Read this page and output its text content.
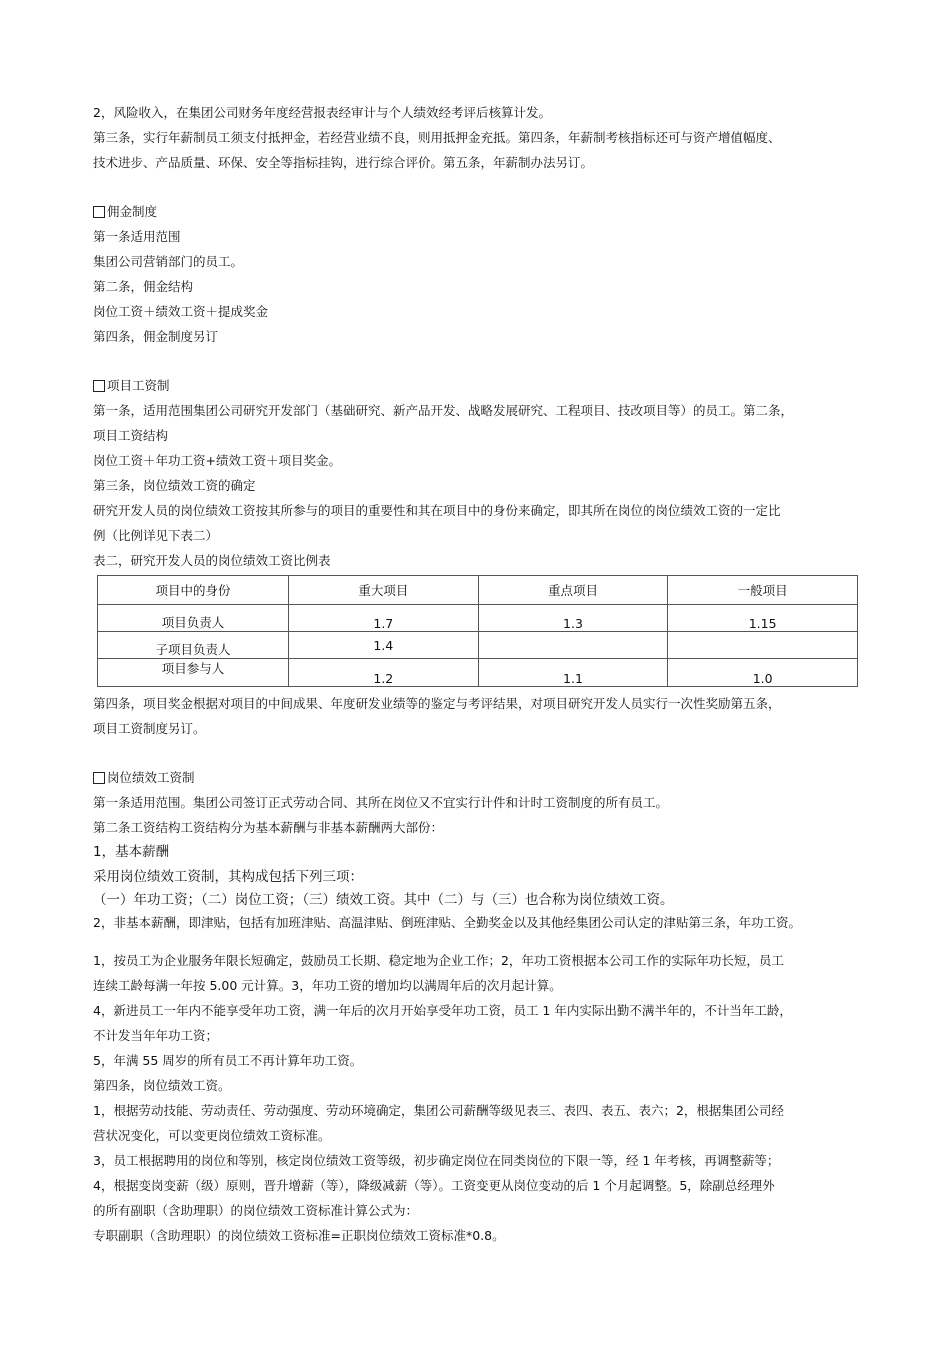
2，风险收入，在集团公司财务年度经营报表经审计与个人绩效经考评后核算计发。

第三条，实行年薪制员工须支付抵押金，若经营业绩不良，则用抵押金充抵。第四条，年薪制考核指标还可与资产增值幅度、

技术进步、产品质量、环保、安全等指标挂钩，进行综合评价。第五条，年薪制办法另订。

佣金制度

第一条适用范围

集团公司营销部门的员工。

第二条，佣金结构

岗位工资＋绩效工资＋提成奖金

第四条，佣金制度另订

项目工资制

第一条，适用范围集团公司研究开发部门（基础研究、新产品开发、战略发展研究、工程项目、技改项目等）的员工。第二条，

项目工资结构

岗位工资＋年功工资+绩效工资＋项目奖金。

第三条，岗位绩效工资的确定

研究开发人员的岗位绩效工资按其所参与的项目的重要性和其在项目中的身份来确定，即其所在岗位的岗位绩效工资的一定比

例（比例详见下表二）

表二，研究开发人员的岗位绩效工资比例表

项目中的身份	重大项目	重点项目	一般项目
项目负责人	1.7	1.3	1.15
子项目负责人	1.4		
项目参与人	1.2	1.1	1.0

第四条，项目奖金根据对项目的中间成果、年度研发业绩等的鉴定与考评结果，对项目研究开发人员实行一次性奖励第五条，

项目工资制度另订。

岗位绩效工资制

第一条适用范围。集团公司签订正式劳动合同、其所在岗位又不宜实行计件和计时工资制度的所有员工。

第二条工资结构工资结构分为基本薪酬与非基本薪酬两大部份：

1，基本薪酬

采用岗位绩效工资制，其构成包括下列三项：

（一）年功工资；（二）岗位工资；（三）绩效工资。其中（二）与（三）也合称为岗位绩效工资。

2，非基本薪酬，即津贴，包括有加班津贴、高温津贴、倒班津贴、全勤奖金以及其他经集团公司认定的津贴第三条，年功工资。

1，按员工为企业服务年限长短确定，鼓励员工长期、稳定地为企业工作；2，年功工资根据本公司工作的实际年功长短，员工

连续工龄每满一年按 5.00 元计算。3，年功工资的增加均以满周年后的次月起计算。

4，新进员工一年内不能享受年功工资，满一年后的次月开始享受年功工资，员工 1 年内实际出勤不满半年的，不计当年工龄，

不计发当年年功工资；

5，年满 55 周岁的所有员工不再计算年功工资。

第四条，岗位绩效工资。

1，根据劳动技能、劳动责任、劳动强度、劳动环境确定，集团公司薪酬等级见表三、表四、表五、表六；2，根据集团公司经

营状况变化，可以变更岗位绩效工资标准。

3，员工根据聘用的岗位和等别，核定岗位绩效工资等级，初步确定岗位在同类岗位的下限一等，经 1 年考核，再调整薪等；

4，根据变岗变薪（级）原则，晋升增薪（等），降级减薪（等）。工资变更从岗位变动的后 1 个月起调整。5，除副总经理外

的所有副职（含助理职）的岗位绩效工资标准计算公式为：

专职副职（含助理职）的岗位绩效工资标准=正职岗位绩效工资标准*0.8。
